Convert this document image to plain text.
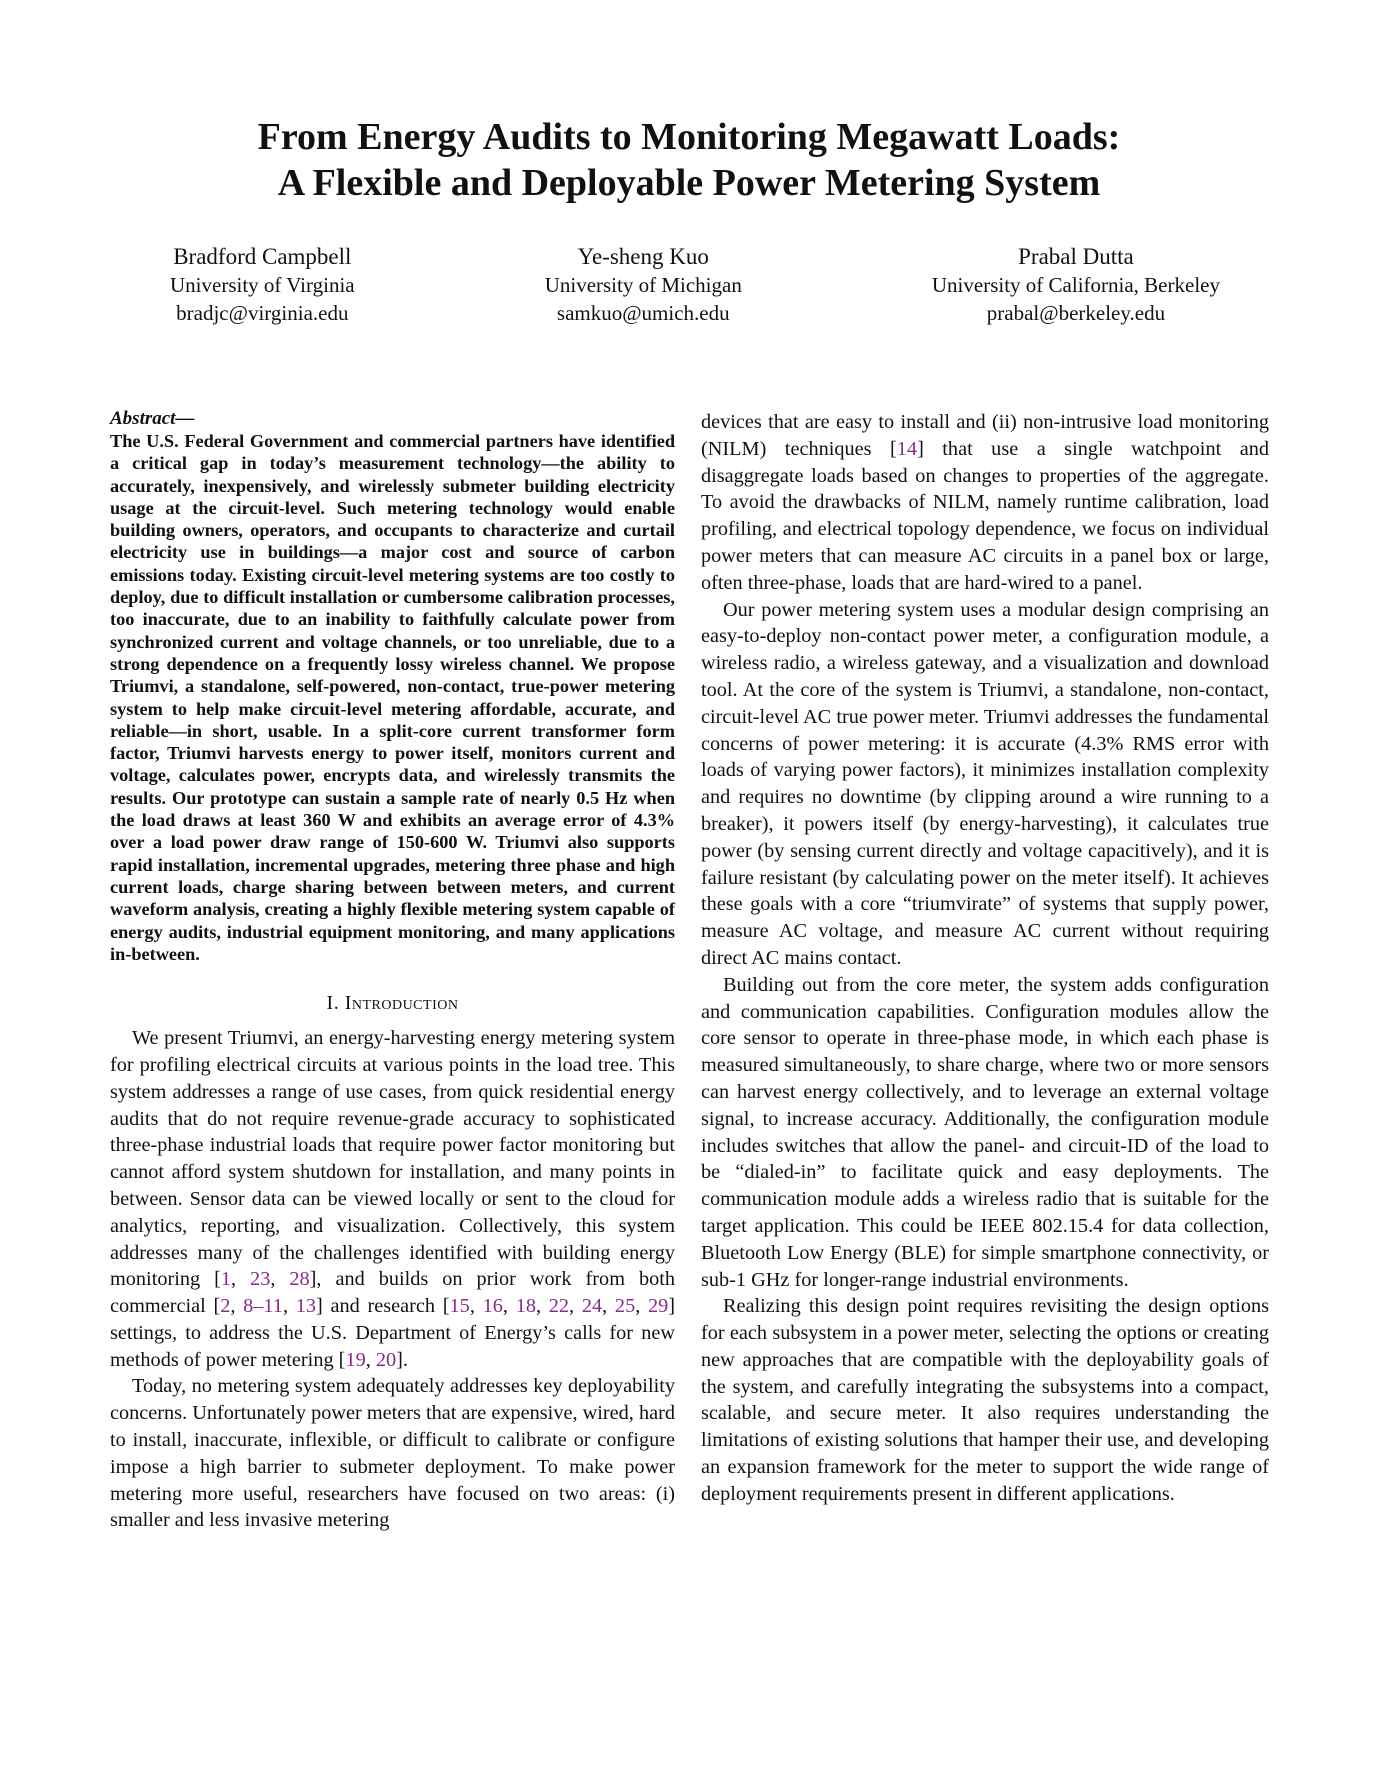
From Energy Audits to Monitoring Megawatt Loads:
A Flexible and Deployable Power Metering System
Bradford Campbell
University of Virginia
bradjc@virginia.edu
Ye-sheng Kuo
University of Michigan
samkuo@umich.edu
Prabal Dutta
University of California, Berkeley
prabal@berkeley.edu
Abstract—

The U.S. Federal Government and commercial partners have identified a critical gap in today’s measurement technology—the ability to accurately, inexpensively, and wirelessly submeter building electricity usage at the circuit-level. Such metering technology would enable building owners, operators, and occupants to characterize and curtail electricity use in buildings—a major cost and source of carbon emissions today. Existing circuit-level metering systems are too costly to deploy, due to difficult installation or cumbersome calibration processes, too inaccurate, due to an inability to faithfully calculate power from synchronized current and voltage channels, or too unreliable, due to a strong dependence on a frequently lossy wireless channel. We propose Triumvi, a standalone, self-powered, non-contact, true-power metering system to help make circuit-level metering affordable, accurate, and reliable—in short, usable. In a split-core current transformer form factor, Triumvi harvests energy to power itself, monitors current and voltage, calculates power, encrypts data, and wirelessly transmits the results. Our prototype can sustain a sample rate of nearly 0.5 Hz when the load draws at least 360 W and exhibits an average error of 4.3% over a load power draw range of 150-600 W. Triumvi also supports rapid installation, incremental upgrades, metering three phase and high current loads, charge sharing between between meters, and current waveform analysis, creating a highly flexible metering system capable of energy audits, industrial equipment monitoring, and many applications in-between.

I. Introduction

We present Triumvi, an energy-harvesting energy metering system for profiling electrical circuits at various points in the load tree. This system addresses a range of use cases, from quick residential energy audits that do not require revenue-grade accuracy to sophisticated three-phase industrial loads that require power factor monitoring but cannot afford system shutdown for installation, and many points in between. Sensor data can be viewed locally or sent to the cloud for analytics, reporting, and visualization. Collectively, this system addresses many of the challenges identified with building energy monitoring [1, 23, 28], and builds on prior work from both commercial [2, 8–11, 13] and research [15, 16, 18, 22, 24, 25, 29] settings, to address the U.S. Department of Energy’s calls for new methods of power metering [19, 20].

Today, no metering system adequately addresses key deployability concerns. Unfortunately power meters that are expensive, wired, hard to install, inaccurate, inflexible, or difficult to calibrate or configure impose a high barrier to submeter deployment. To make power metering more useful, researchers have focused on two areas: (i) smaller and less invasive metering

devices that are easy to install and (ii) non-intrusive load monitoring (NILM) techniques [14] that use a single watchpoint and disaggregate loads based on changes to properties of the aggregate. To avoid the drawbacks of NILM, namely runtime calibration, load profiling, and electrical topology dependence, we focus on individual power meters that can measure AC circuits in a panel box or large, often three-phase, loads that are hard-wired to a panel.

Our power metering system uses a modular design comprising an easy-to-deploy non-contact power meter, a configuration module, a wireless radio, a wireless gateway, and a visualization and download tool. At the core of the system is Triumvi, a standalone, non-contact, circuit-level AC true power meter. Triumvi addresses the fundamental concerns of power metering: it is accurate (4.3% RMS error with loads of varying power factors), it minimizes installation complexity and requires no downtime (by clipping around a wire running to a breaker), it powers itself (by energy-harvesting), it calculates true power (by sensing current directly and voltage capacitively), and it is failure resistant (by calculating power on the meter itself). It achieves these goals with a core “triumvirate” of systems that supply power, measure AC voltage, and measure AC current without requiring direct AC mains contact.

Building out from the core meter, the system adds configuration and communication capabilities. Configuration modules allow the core sensor to operate in three-phase mode, in which each phase is measured simultaneously, to share charge, where two or more sensors can harvest energy collectively, and to leverage an external voltage signal, to increase accuracy. Additionally, the configuration module includes switches that allow the panel- and circuit-ID of the load to be “dialed-in” to facilitate quick and easy deployments. The communication module adds a wireless radio that is suitable for the target application. This could be IEEE 802.15.4 for data collection, Bluetooth Low Energy (BLE) for simple smartphone connectivity, or sub-1 GHz for longer-range industrial environments.

Realizing this design point requires revisiting the design options for each subsystem in a power meter, selecting the options or creating new approaches that are compatible with the deployability goals of the system, and carefully integrating the subsystems into a compact, scalable, and secure meter. It also requires understanding the limitations of existing solutions that hamper their use, and developing an expansion framework for the meter to support the wide range of deployment requirements present in different applications.
